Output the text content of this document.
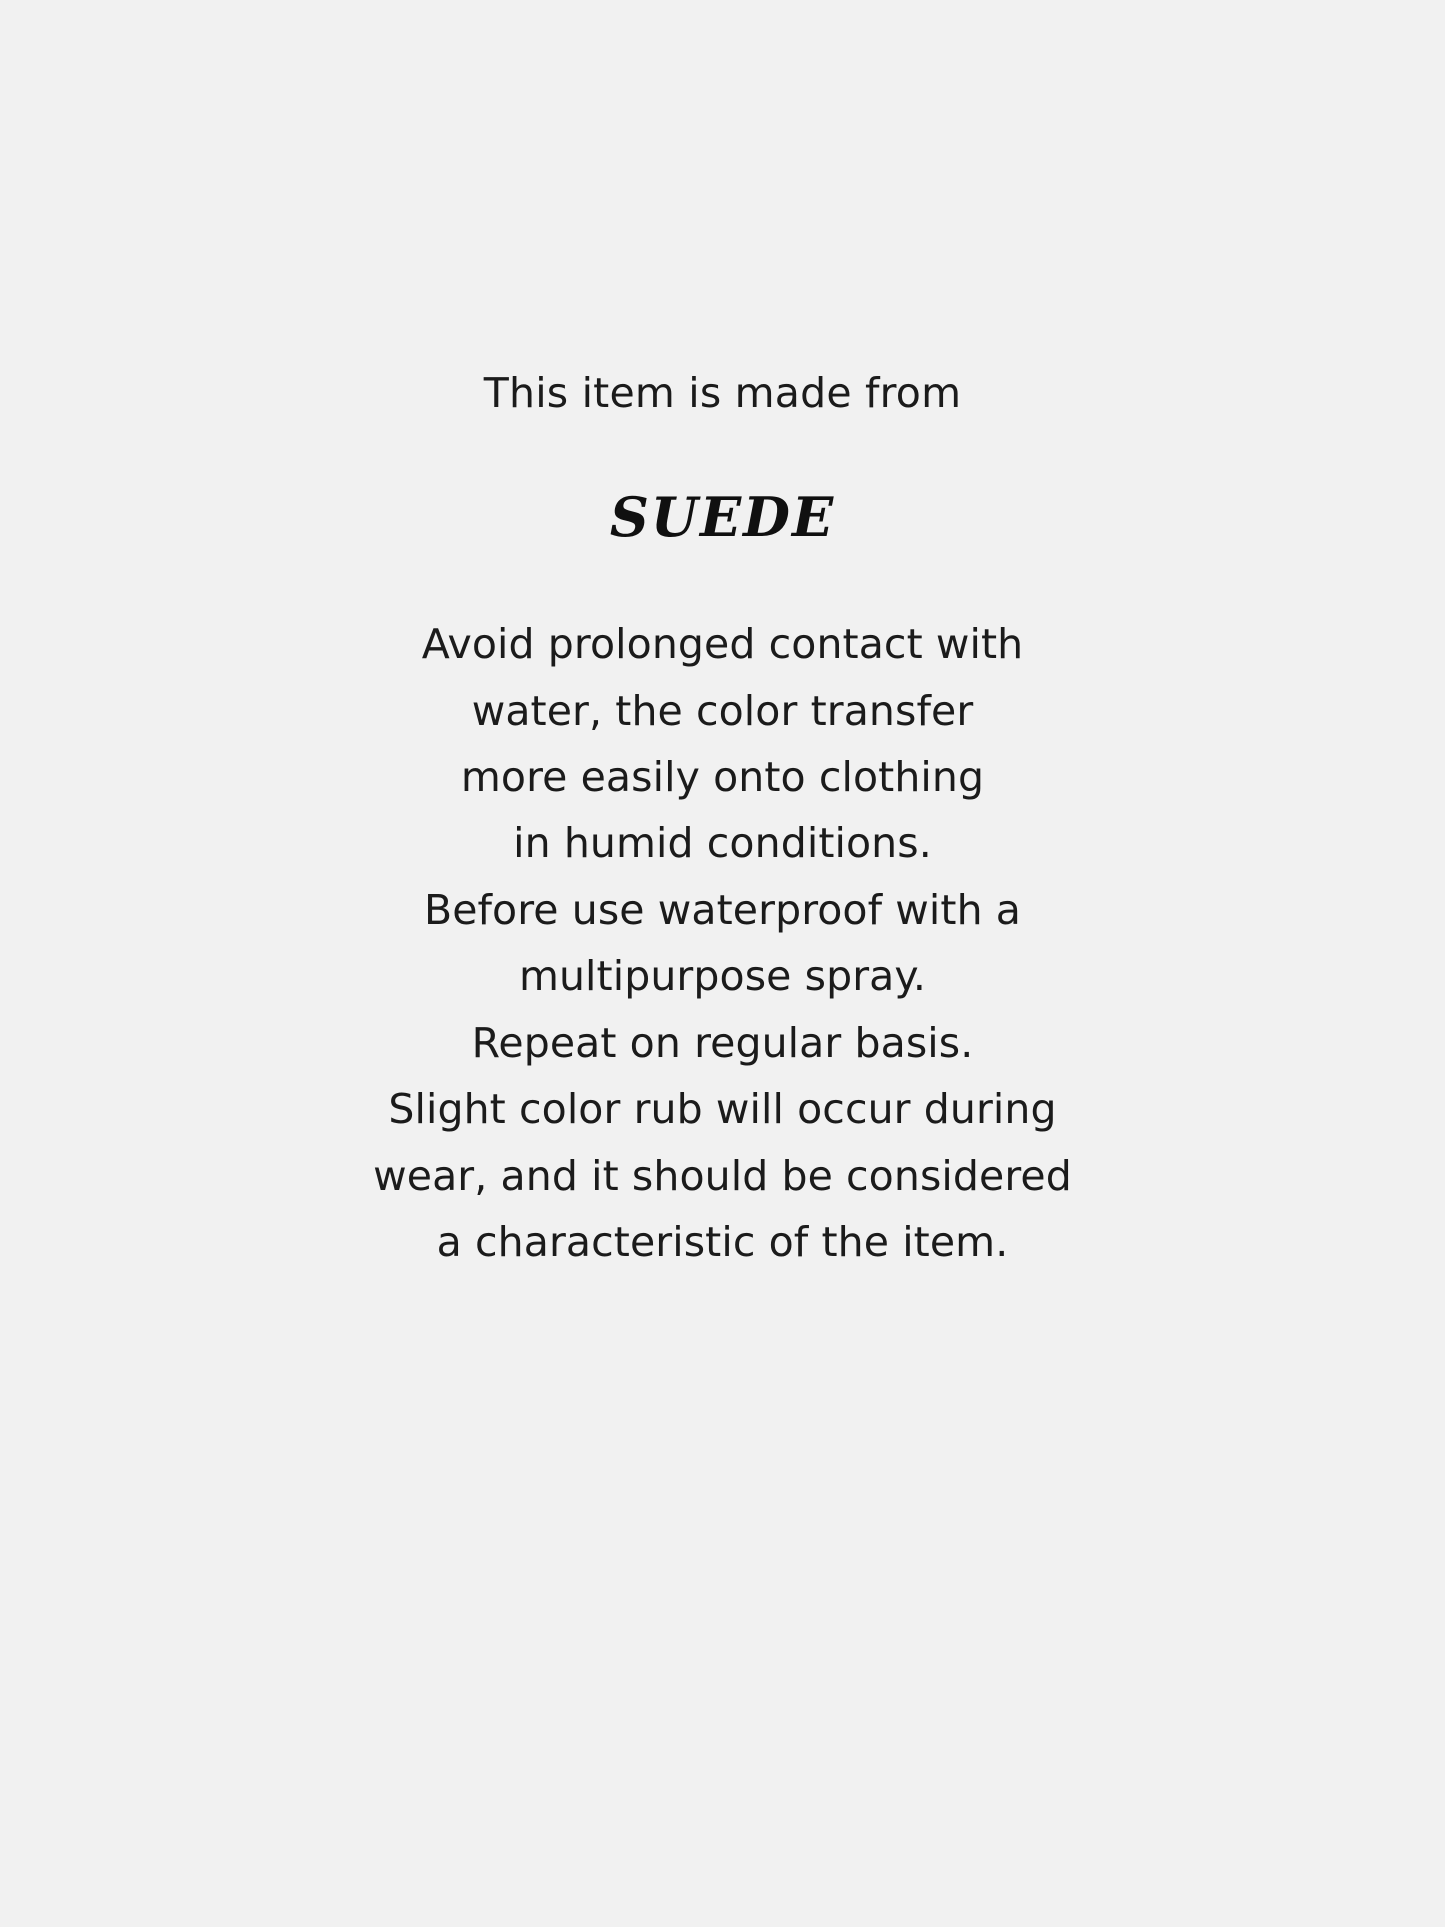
This item is made from
SUEDE
Avoid prolonged contact with
water, the color transfer
more easily onto clothing
in humid conditions.
Before use waterproof with a
multipurpose spray.
Repeat on regular basis.
Slight color rub will occur during
wear, and it should be considered
a characteristic of the item.
